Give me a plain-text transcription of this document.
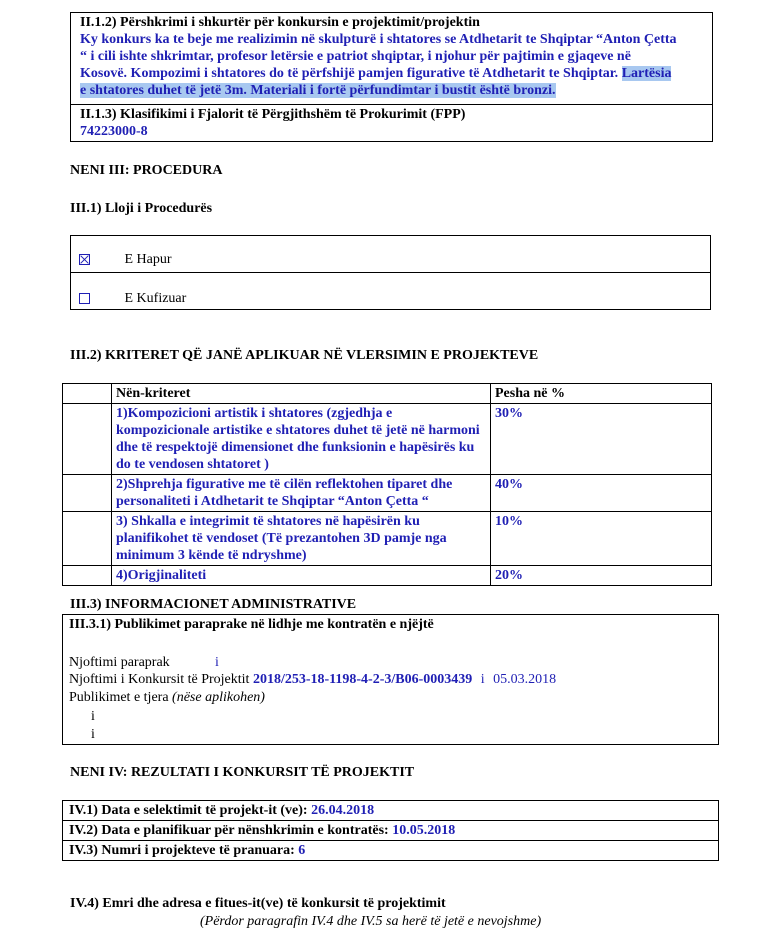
II.1.2) Përshkrimi i shkurtër për konkursin e projektimit/projektin
Ky konkurs ka te beje me realizimin në skulpturë i shtatores se Atdhetarit te Shqiptar “Anton Çetta
“ i cili ishte shkrimtar, profesor letërsie e patriot shqiptar, i njohur për pajtimin e gjaqeve në
Kosovë. Kompozimi i shtatores do të përfshijë pamjen figurative të Atdhetarit te Shqiptar. Lartësia
e shtatores duhet të jetë 3m. Materiali i fortë përfundimtar i bustit është bronzi.
II.1.3) Klasifikimi i Fjalorit të Përgjithshëm të Prokurimit (FPP)
74223000-8
NENI III: PROCEDURA
III.1) Lloji i Procedurës
E Hapur
E Kufizuar
III.2) KRITERET QË JANË APLIKUAR NË VLERSIMIN E PROJEKTEVE
	Nën-kriteret	Pesha në %
	1)Kompozicioni artistik i shtatores (zgjedhja e kompozicionale artistike e shtatores duhet të jetë në harmoni dhe të respektojë dimensionet dhe funksionin e hapësirës ku do te vendosen shtatoret )	30%
	2)Shprehja figurative me të cilën reflektohen tiparet dhe personaliteti i Atdhetarit te Shqiptar “Anton Çetta “	40%
	3) Shkalla e integrimit të shtatores në hapësirën ku planifikohet të vendoset (Të prezantohen 3D pamje nga minimum 3 kënde të ndryshme)	10%
	4)Origjinaliteti	20%
III.3) INFORMACIONET ADMINISTRATIVE
III.3.1) Publikimet paraprake në lidhje me kontratën e njëjtë
Njoftimi paraprak	i
Njoftimi i Konkursit të Projektit 2018/253-18-1198-4-2-3/B06-0003439 i 05.03.2018
Publikimet e tjera (nëse aplikohen)
i
i
NENI IV: REZULTATI I KONKURSIT TË PROJEKTIT
IV.1) Data e selektimit të projekt-it (ve): 26.04.2018
IV.2) Data e planifikuar për nënshkrimin e kontratës: 10.05.2018
IV.3) Numri i projekteve të pranuara: 6
IV.4) Emri dhe adresa e fitues-it(ve) të konkursit të projektimit
(Përdor paragrafin IV.4 dhe IV.5 sa herë të jetë e nevojshme)
